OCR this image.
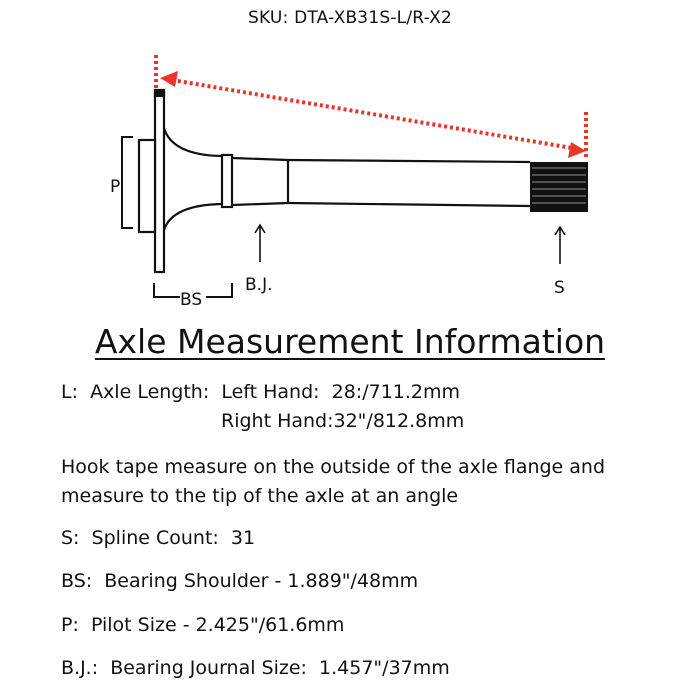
SKU: DTA-XB31S-L/R-X2
P
BS
B.J.	S
Axle Measurement Information
L:  Axle Length:  Left Hand:  28:/711.2mm
Right Hand:32"/812.8mm
Hook tape measure on the outside of the axle flange and measure to the tip of the axle at an angle
S:  Spline Count:  31
BS:  Bearing Shoulder - 1.889"/48mm
P:  Pilot Size - 2.425"/61.6mm
B.J.:  Bearing Journal Size:  1.457"/37mm
